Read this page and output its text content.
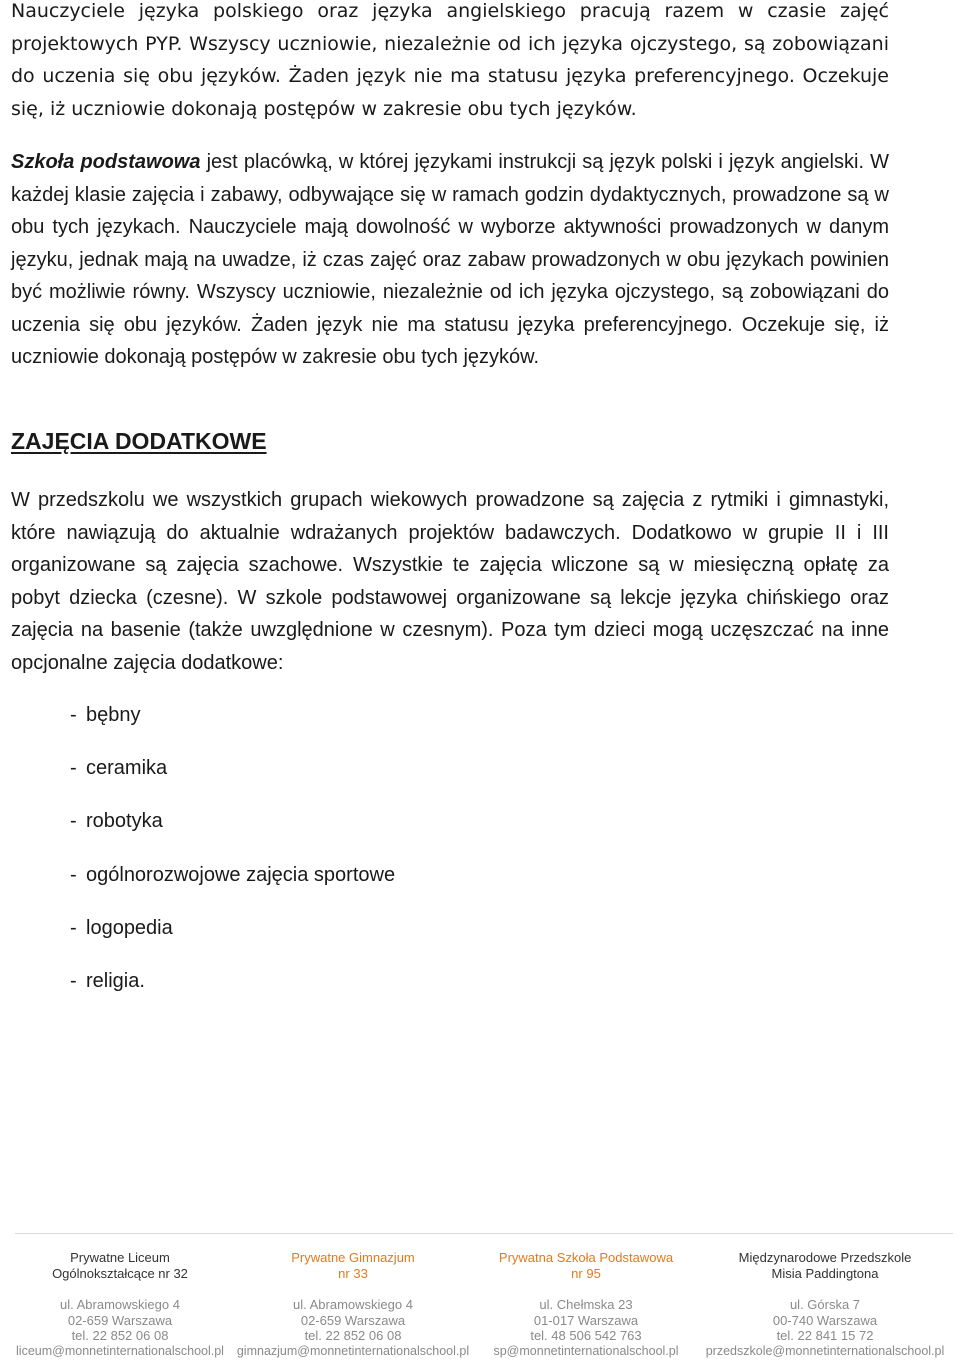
Nauczyciele języka polskiego oraz języka angielskiego pracują razem w czasie zajęć projektowych PYP. Wszyscy uczniowie, niezależnie od ich języka ojczystego, są zobowiązani do uczenia się obu języków. Żaden język nie ma statusu języka preferencyjnego. Oczekuje się, iż uczniowie dokonają postępów w zakresie obu tych języków.

Szkoła podstawowa jest placówką, w której językami instrukcji są język polski i język angielski. W każdej klasie zajęcia i zabawy, odbywające się w ramach godzin dydaktycznych, prowadzone są w obu tych językach. Nauczyciele mają dowolność w wyborze aktywności prowadzonych w danym języku, jednak mają na uwadze, iż czas zajęć oraz zabaw prowadzonych w obu językach powinien być możliwie równy. Wszyscy uczniowie, niezależnie od ich języka ojczystego, są zobowiązani do uczenia się obu języków. Żaden język nie ma statusu języka preferencyjnego. Oczekuje się, iż uczniowie dokonają postępów w zakresie obu tych języków.

ZAJĘCIA DODATKOWE

W przedszkolu we wszystkich grupach wiekowych prowadzone są zajęcia z rytmiki i gimnastyki, które nawiązują do aktualnie wdrażanych projektów badawczych. Dodatkowo w grupie II i III organizowane są zajęcia szachowe. Wszystkie te zajęcia wliczone są w miesięczną opłatę za pobyt dziecka (czesne). W szkole podstawowej organizowane są lekcje języka chińskiego oraz zajęcia na basenie (także uwzględnione w czesnym). Poza tym dzieci mogą uczęszczać na inne opcjonalne zajęcia dodatkowe:

- bębny
- ceramika
- robotyka
- ogólnorozwojowe zajęcia sportowe
- logopedia
- religia.
Prywatne Liceum
Ogólnokształcące nr 32
ul. Abramowskiego 4
02-659 Warszawa
tel. 22 852 06 08
liceum@monnetinternationalschool.pl
Prywatne Gimnazjum
nr 33
ul. Abramowskiego 4
02-659 Warszawa
tel. 22 852 06 08
gimnazjum@monnetinternationalschool.pl
Prywatna Szkoła Podstawowa
nr 95
ul. Chełmska 23
01-017 Warszawa
tel. 48 506 542 763
sp@monnetinternationalschool.pl
Międzynarodowe Przedszkole
Misia Paddingtona
ul. Górska 7
00-740 Warszawa
tel. 22 841 15 72
przedszkole@monnetinternationalschool.pl
